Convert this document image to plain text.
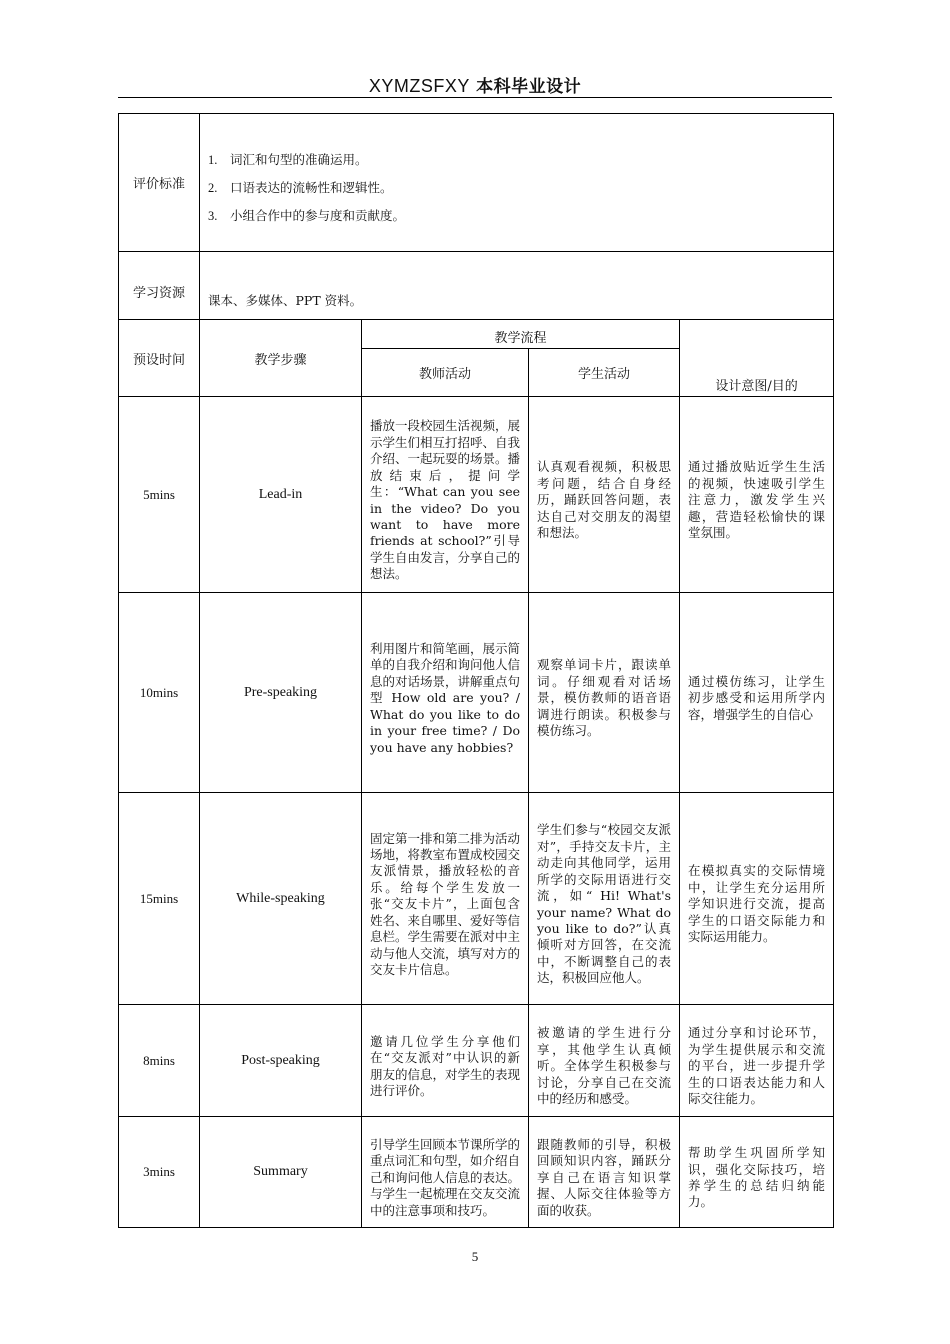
XYMZSFXY 本科毕业设计
评价标准	1. 词汇和句型的准确运用。
2. 口语表达的流畅性和逻辑性。
3. 小组合作中的参与度和贡献度。			

学习资源	课本、多媒体、PPT 资料。			

预设时间	教学步骤	教学流程		设计意图/目的
		教师活动	学生活动	
5mins	Lead-in	播放一段校园生活视频，展示学生们相互打招呼、自我介绍、一起玩耍的场景。播放结束后，提问学生：“What can you see in the video? Do you want to have more friends at school?”引导学生自由发言，分享自己的想法。	认真观看视频，积极思考问题，结合自身经历，踊跃回答问题，表达自己对交朋友的渴望和想法。	通过播放贴近学生生活的视频，快速吸引学生注意力，激发学生兴趣，营造轻松愉快的课堂氛围。

10mins	Pre-speaking	利用图片和简笔画，展示简单的自我介绍和询问他人信息的对话场景，讲解重点句型 How old are you? / What do you like to do in your free time? / Do you have any hobbies?	观察单词卡片，跟读单词。仔细观看对话场景，模仿教师的语音语调进行朗读。积极参与模仿练习。	通过模仿练习，让学生初步感受和运用所学内容，增强学生的自信心

15mins	While-speaking	固定第一排和第二排为活动场地，将教室布置成校园交友派情景，播放轻松的音乐。给每个学生发放一张“交友卡片”，上面包含姓名、来自哪里、爱好等信息栏。学生需要在派对中主动与他人交流，填写对方的交友卡片信息。	学生们参与“校园交友派对”，手持交友卡片，主动走向其他同学，运用所学的交际用语进行交流，如“ Hi! What's your name? What do you like to do?”认真倾听对方回答，在交流中，不断调整自己的表达，积极回应他人。	在模拟真实的交际情境中，让学生充分运用所学知识进行交流，提高学生的口语交际能力和实际运用能力。

8mins	Post-speaking	邀请几位学生分享他们在“交友派对”中认识的新朋友的信息，对学生的表现进行评价。	被邀请的学生进行分享，其他学生认真倾听。全体学生积极参与讨论，分享自己在交流中的经历和感受。	通过分享和讨论环节，为学生提供展示和交流的平台，进一步提升学生的口语表达能力和人际交往能力。

3mins	Summary	引导学生回顾本节课所学的重点词汇和句型，如介绍自己和询问他人信息的表达。与学生一起梳理在交友交流中的注意事项和技巧。	跟随教师的引导，积极回顾知识内容，踊跃分享自己在语言知识掌握、人际交往体验等方面的收获。	帮助学生巩固所学知识，强化交际技巧，培养学生的总结归纳能力。
5
